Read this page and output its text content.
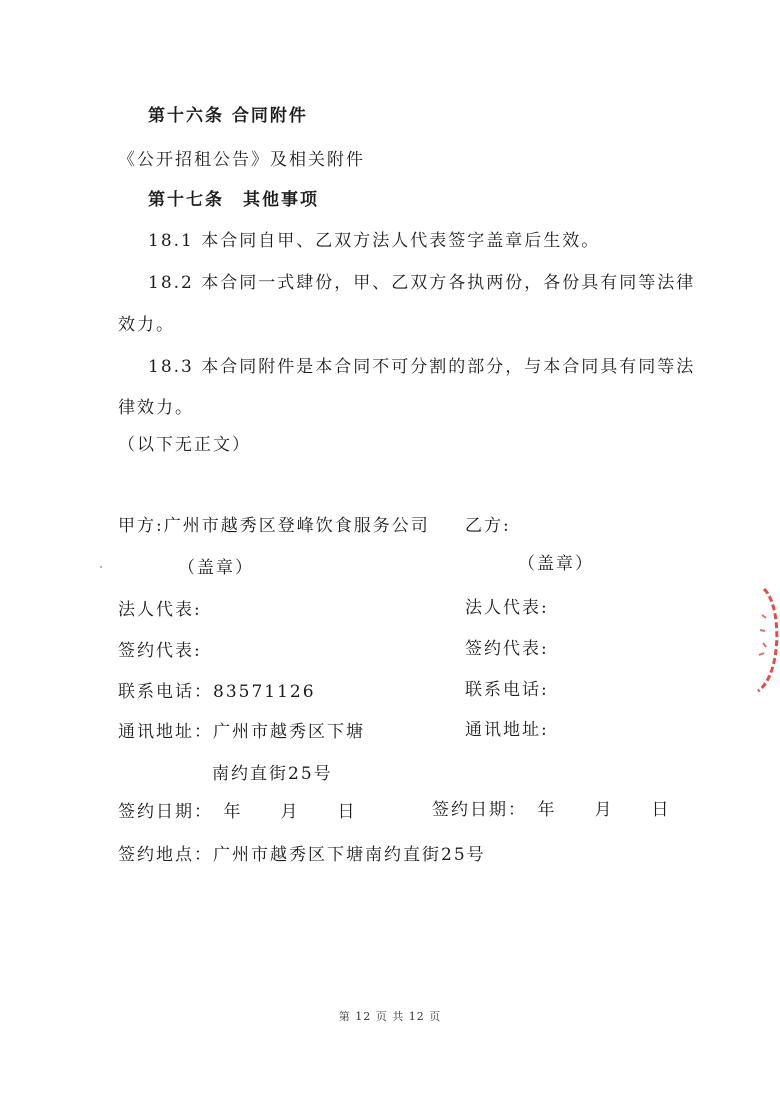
第十六条 合同附件
《公开招租公告》及相关附件
第十七条　其他事项
18.1 本合同自甲、乙双方法人代表签字盖章后生效。
18.2 本合同一式肆份，甲、乙双方各执两份，各份具有同等法律
效力。
18.3 本合同附件是本合同不可分割的部分，与本合同具有同等法
律效力。
（以下无正文）
甲方:广州市越秀区登峰饮食服务公司
（盖章）
法人代表:
签约代表:
联系电话：83571126
通讯地址：广州市越秀区下塘
南约直街25号
签约日期：　年　　月　　日
乙方:
（盖章）
法人代表:
签约代表:
联系电话:
通讯地址:
签约日期：　年　　月　　日
签约地点：广州市越秀区下塘南约直街25号
第 12 页 共 12 页
